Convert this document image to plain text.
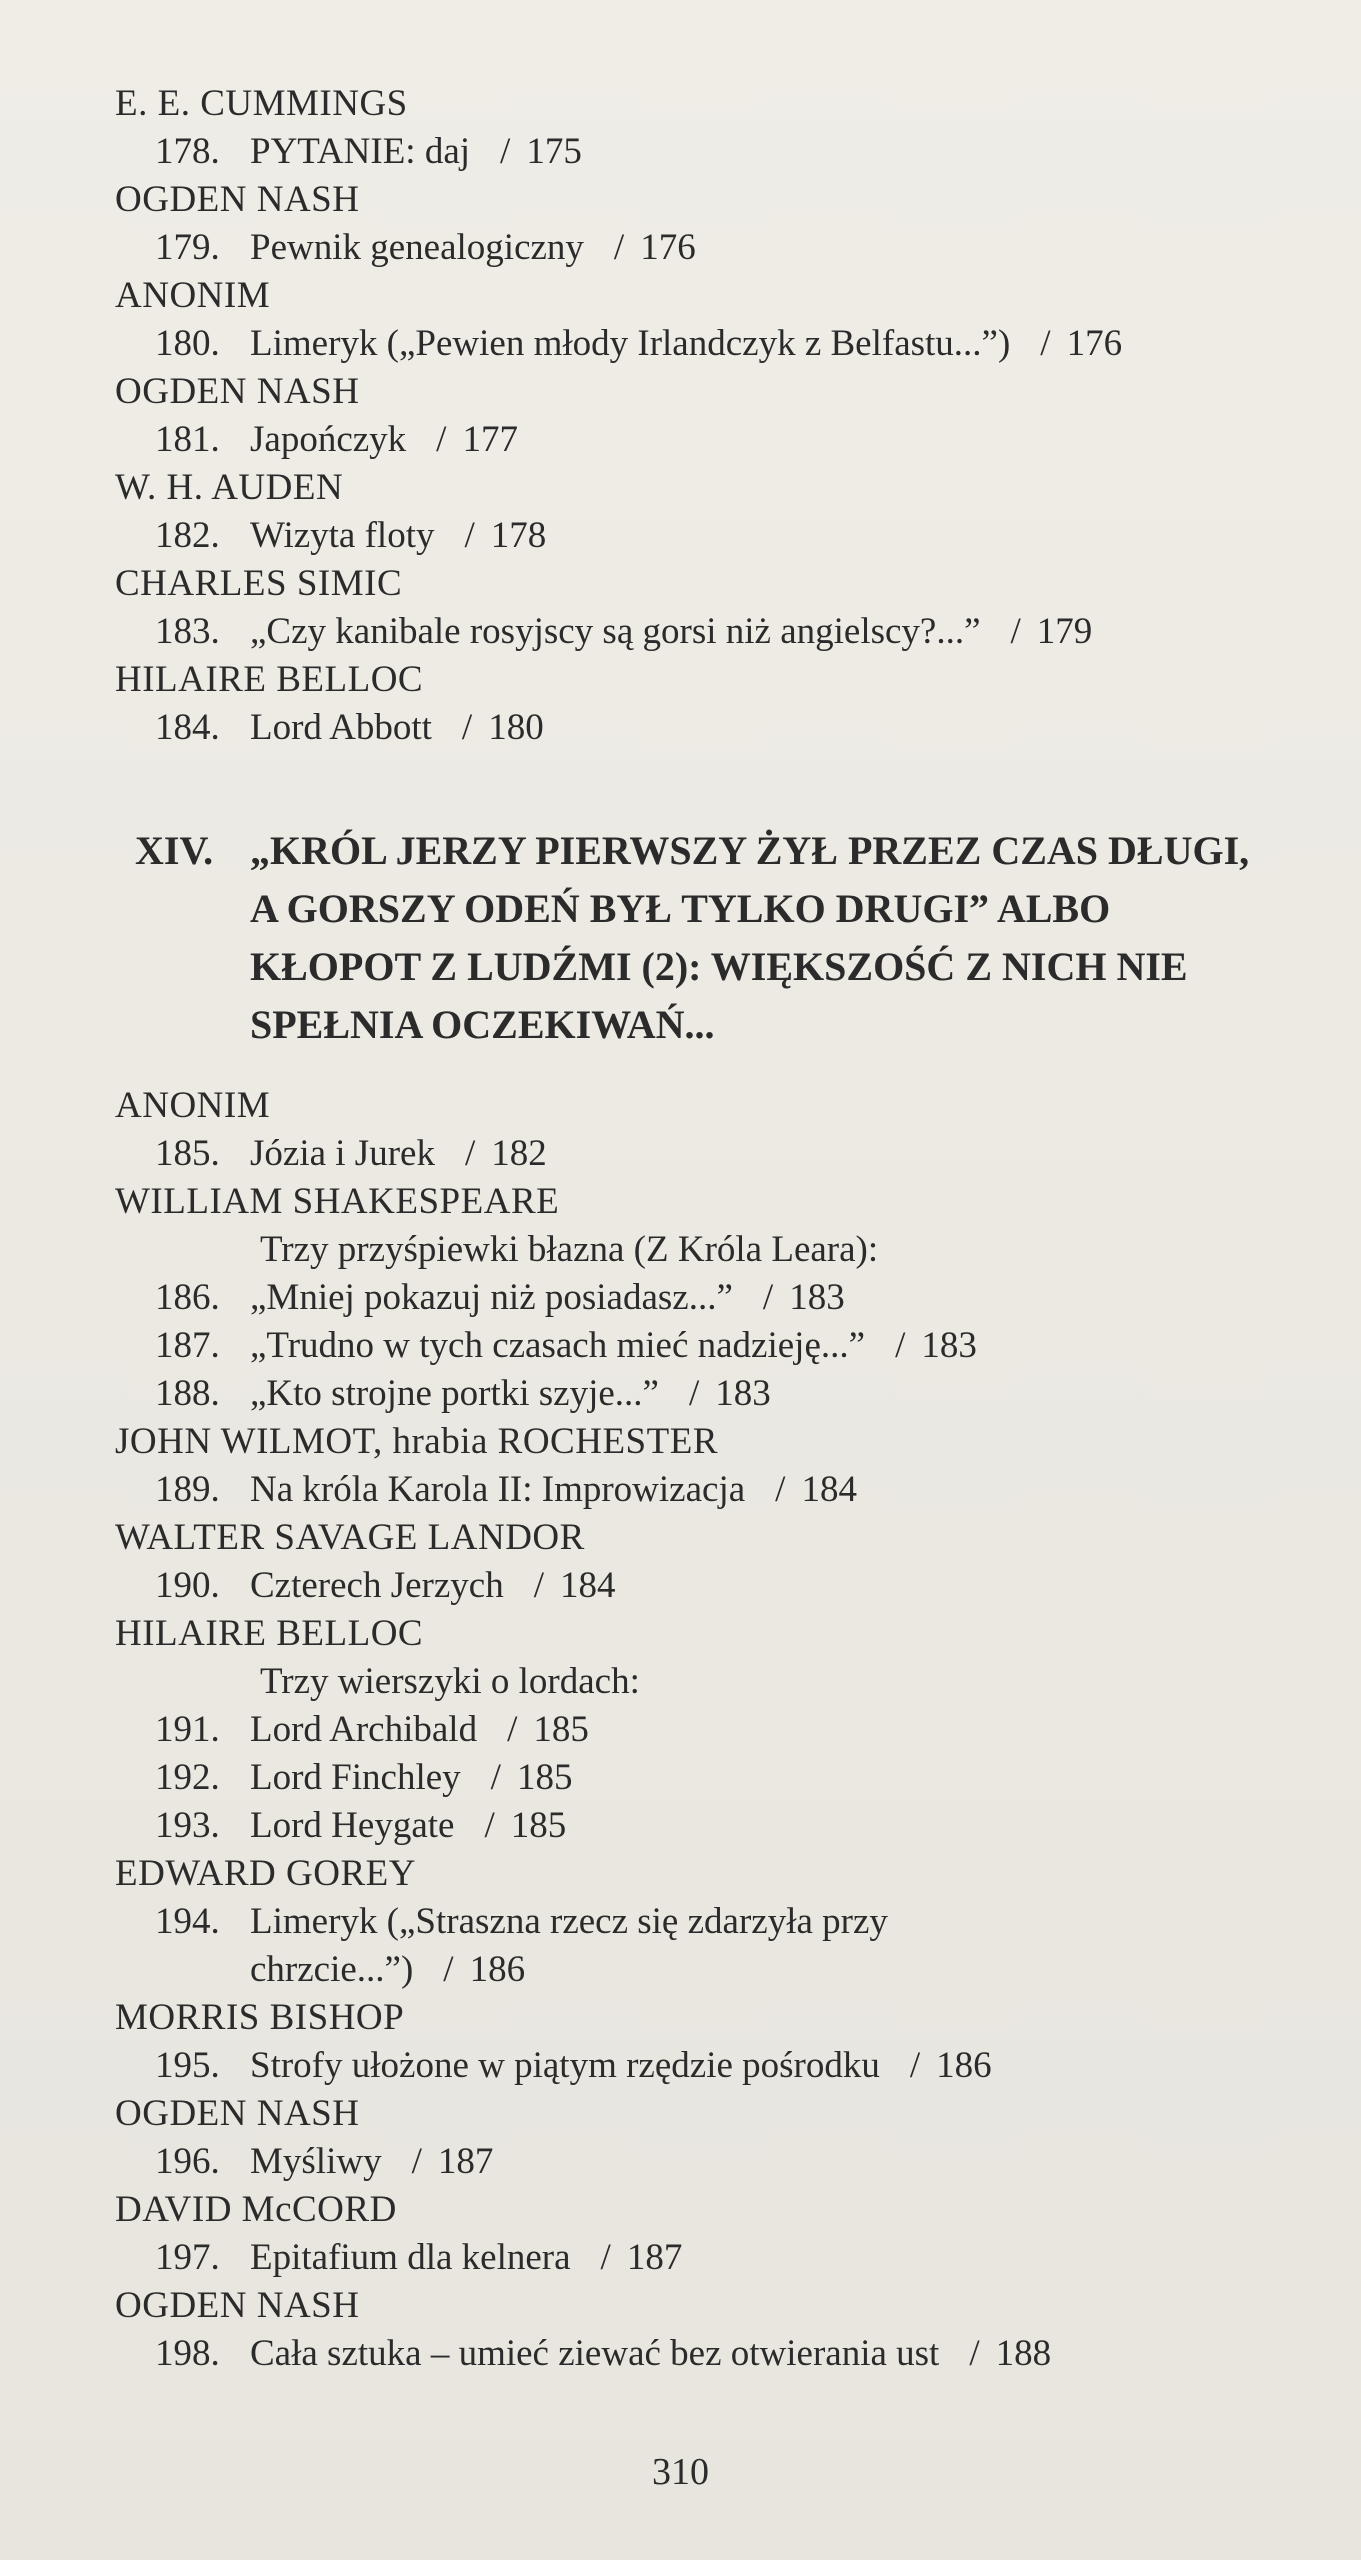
E. E. CUMMINGS
178. PYTANIE: daj / 175
OGDEN NASH
179. Pewnik genealogiczny / 176
ANONIM
180. Limeryk („Pewien młody Irlandczyk z Belfastu...”) / 176
OGDEN NASH
181. Japończyk / 177
W. H. AUDEN
182. Wizyta floty / 178
CHARLES SIMIC
183. „Czy kanibale rosyjscy są gorsi niż angielscy?...” / 179
HILAIRE BELLOC
184. Lord Abbott / 180
XIV. „KRÓL JERZY PIERWSZY ŻYŁ PRZEZ CZAS DŁUGI, A GORSZY ODEŃ BYŁ TYLKO DRUGI” ALBO KŁOPOT Z LUDŹMI (2): WIĘKSZOŚĆ Z NICH NIE SPEŁNIA OCZEKIWAŃ...
ANONIM
185. Józia i Jurek / 182
WILLIAM SHAKESPEARE
Trzy przyśpiewki błazna (Z Króla Leara):
186. „Mniej pokazuj niż posiadasz...” / 183
187. „Trudno w tych czasach mieć nadzieję...” / 183
188. „Kto strojne portki szyje...” / 183
JOHN WILMOT, hrabia ROCHESTER
189. Na króla Karola II: Improwizacja / 184
WALTER SAVAGE LANDOR
190. Czterech Jerzych / 184
HILAIRE BELLOC
Trzy wierszyki o lordach:
191. Lord Archibald / 185
192. Lord Finchley / 185
193. Lord Heygate / 185
EDWARD GOREY
194. Limeryk („Straszna rzecz się zdarzyła przy
chrzcie...”) / 186
MORRIS BISHOP
195. Strofy ułożone w piątym rzędzie pośrodku / 186
OGDEN NASH
196. Myśliwy / 187
DAVID McCORD
197. Epitafium dla kelnera / 187
OGDEN NASH
198. Cała sztuka – umieć ziewać bez otwierania ust / 188
310
